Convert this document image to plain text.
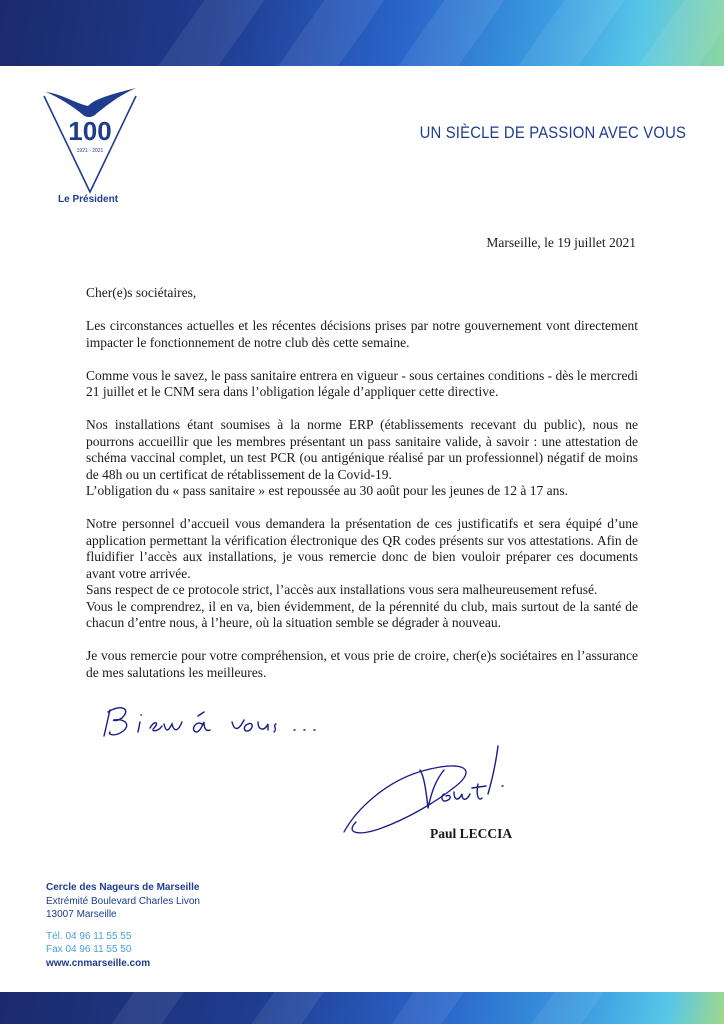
100
1921 - 2021
Le Président
UN SIÈCLE DE PASSION AVEC VOUS
Marseille, le 19 juillet 2021

Cher(e)s sociétaires,

Les circonstances actuelles et les récentes décisions prises par notre gouvernement vont directement impacter le fonctionnement de notre club dès cette semaine.

Comme vous le savez, le pass sanitaire entrera en vigueur - sous certaines conditions - dès le mercredi 21 juillet et le CNM sera dans l’obligation légale d’appliquer cette directive.

Nos installations étant soumises à la norme ERP (établissements recevant du public), nous ne pourrons accueillir que les membres présentant un pass sanitaire valide, à savoir : une attestation de schéma vaccinal complet, un test PCR (ou antigénique réalisé par un professionnel) négatif de moins de 48h ou un certificat de rétablissement de la Covid-19.

L’obligation du « pass sanitaire » est repoussée au 30 août pour les jeunes de 12 à 17 ans.

Notre personnel d’accueil vous demandera la présentation de ces justificatifs et sera équipé d’une application permettant la vérification électronique des QR codes présents sur vos attestations. Afin de fluidifier l’accès aux installations, je vous remercie donc de bien vouloir préparer ces documents avant votre arrivée.

Sans respect de ce protocole strict, l’accès aux installations vous sera malheureusement refusé.

Vous le comprendrez, il en va, bien évidemment, de la pérennité du club, mais surtout de la santé de chacun d’entre nous, à l’heure, où la situation semble se dégrader à nouveau.

Je vous remercie pour votre compréhension, et vous prie de croire, cher(e)s sociétaires en l’assurance de mes salutations les meilleures.

Paul LECCIA
Cercle des Nageurs de Marseille
Extrémité Boulevard Charles Livon
13007 Marseille
Tél. 04 96 11 55 55
Fax 04 96 11 55 50
www.cnmarseille.com
